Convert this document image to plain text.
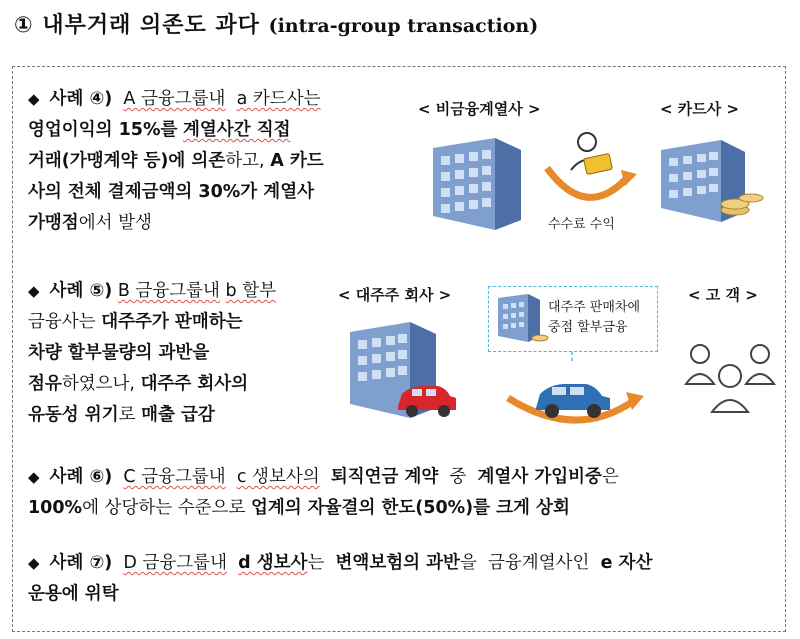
① 내부거래 의존도 과다 (intra-group transaction)
◆ 사례 ④) A 금융그룹내 a 카드사는
영업이익의 15%를 계열사간 직접
거래(가맹계약 등)에 의존하고, A 카드
사의 전체 결제금액의 30%가 계열사
가맹점에서 발생
< 비금융계열사 >	< 카드사 >
수수료 수익
◆ 사례 ⑤) B 금융그룹내 b 할부
금융사는 대주주가 판매하는
차량 할부물량의 과반을
점유하였으나, 대주주 회사의
유동성 위기로 매출 급감
< 대주주 회사 >	< 고 객 >
대주주 판매차에
중점 할부금융
◆ 사례 ⑥) C 금융그룹내 c 생보사의 퇴직연금 계약 중 계열사 가입비중은
100%에 상당하는 수준으로 업계의 자율결의 한도(50%)를 크게 상회
◆ 사례 ⑦) D 금융그룹내 d 생보사는 변액보험의 과반을 금융계열사인 e 자산
운용에 위탁
